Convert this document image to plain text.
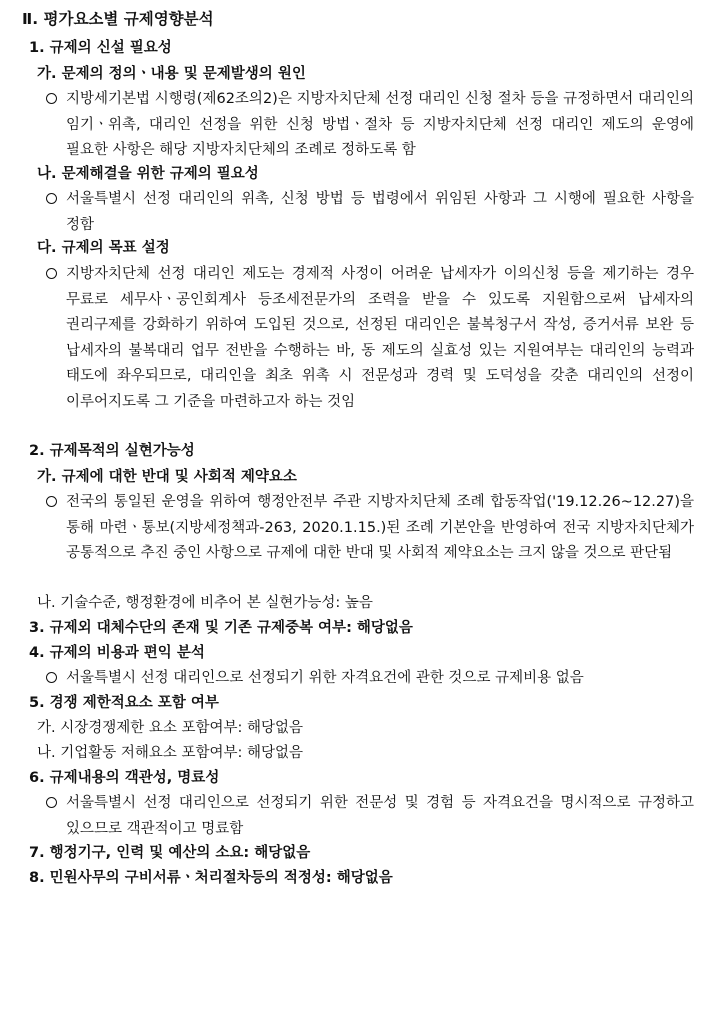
Ⅱ. 평가요소별 규제영향분석
1. 규제의 신설 필요성
가. 문제의 정의ㆍ내용 및 문제발생의 원인
지방세기본법 시행령(제62조의2)은 지방자치단체 선정 대리인 신청 절차 등을 규정하면서 대리인의 임기ㆍ위촉, 대리인 선정을 위한 신청 방법ㆍ절차 등 지방자치단체 선정 대리인 제도의 운영에 필요한 사항은 해당 지방자치단체의 조례로 정하도록 함
나. 문제해결을 위한 규제의 필요성
서울특별시 선정 대리인의 위촉, 신청 방법 등 법령에서 위임된 사항과 그 시행에 필요한 사항을 정함
다. 규제의 목표 설정
지방자치단체 선정 대리인 제도는 경제적 사정이 어려운 납세자가 이의신청 등을 제기하는 경우 무료로 세무사ㆍ공인회계사 등조세전문가의 조력을 받을 수 있도록 지원함으로써 납세자의 권리구제를 강화하기 위하여 도입된 것으로, 선정된 대리인은 불복청구서 작성, 증거서류 보완 등 납세자의 불복대리 업무 전반을 수행하는 바, 동 제도의 실효성 있는 지원여부는 대리인의 능력과 태도에 좌우되므로, 대리인을 최초 위촉 시 전문성과 경력 및 도덕성을 갖춘 대리인의 선정이 이루어지도록 그 기준을 마련하고자 하는 것임
2. 규제목적의 실현가능성
가. 규제에 대한 반대 및 사회적 제약요소
전국의 통일된 운영을 위하여 행정안전부 주관 지방자치단체 조례 합동작업('19.12.26~12.27)을 통해 마련ㆍ통보(지방세정책과-263, 2020.1.15.)된 조례 기본안을 반영하여 전국 지방자치단체가 공통적으로 추진 중인 사항으로 규제에 대한 반대 및 사회적 제약요소는 크지 않을 것으로 판단됨
나. 기술수준, 행정환경에 비추어 본 실현가능성: 높음
3. 규제외 대체수단의 존재 및 기존 규제중복 여부: 해당없음
4. 규제의 비용과 편익 분석
서울특별시 선정 대리인으로 선정되기 위한 자격요건에 관한 것으로 규제비용 없음
5. 경쟁 제한적요소 포함 여부
가. 시장경쟁제한 요소 포함여부: 해당없음
나. 기업활동 저해요소 포함여부: 해당없음
6. 규제내용의 객관성, 명료성
서울특별시 선정 대리인으로 선정되기 위한 전문성 및 경험 등 자격요건을 명시적으로 규정하고 있으므로 객관적이고 명료함
7. 행정기구, 인력 및 예산의 소요: 해당없음
8. 민원사무의 구비서류ㆍ처리절차등의 적정성: 해당없음
